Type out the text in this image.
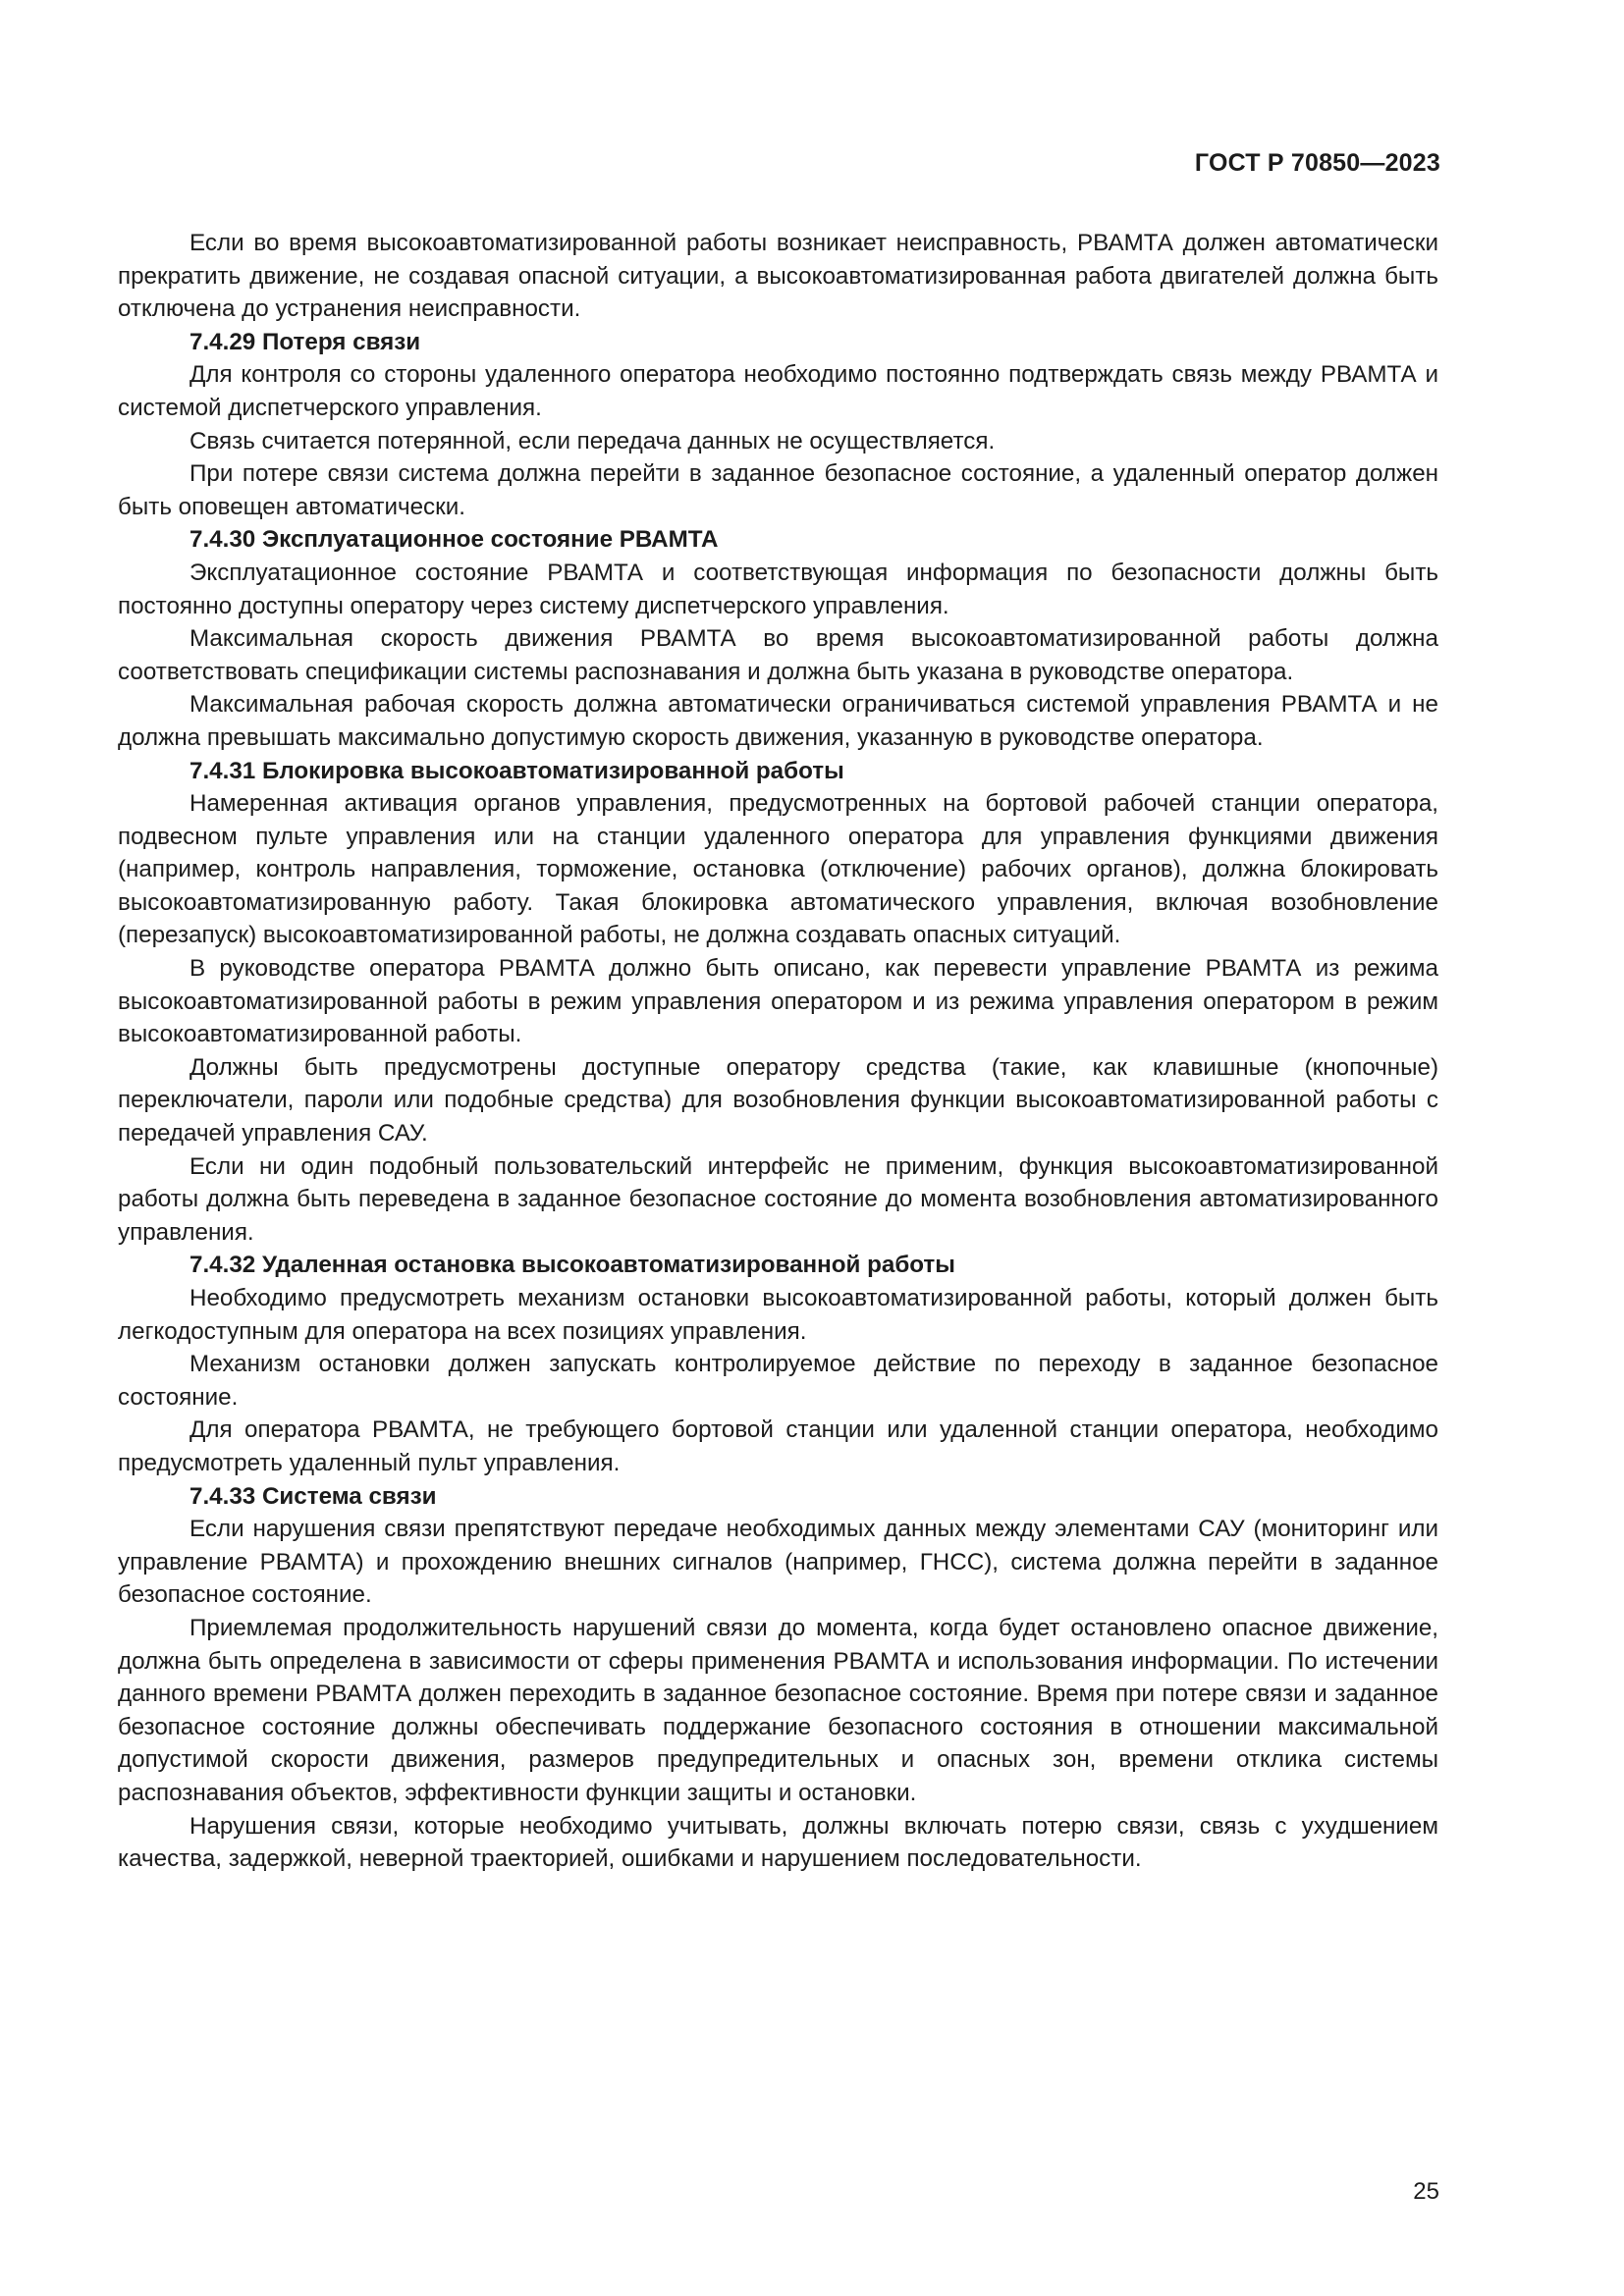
ГОСТ Р 70850—2023

Если во время высокоавтоматизированной работы возникает неисправность, РВАМТА должен автоматически прекратить движение, не создавая опасной ситуации, а высокоавтоматизированная работа двигателей должна быть отключена до устранения неисправности.

7.4.29 Потеря связи

Для контроля со стороны удаленного оператора необходимо постоянно подтверждать связь между РВАМТА и системой диспетчерского управления.

Связь считается потерянной, если передача данных не осуществляется.

При потере связи система должна перейти в заданное безопасное состояние, а удаленный оператор должен быть оповещен автоматически.

7.4.30 Эксплуатационное состояние РВАМТА

Эксплуатационное состояние РВАМТА и соответствующая информация по безопасности должны быть постоянно доступны оператору через систему диспетчерского управления.

Максимальная скорость движения РВАМТА во время высокоавтоматизированной работы должна соответствовать спецификации системы распознавания и должна быть указана в руководстве оператора.

Максимальная рабочая скорость должна автоматически ограничиваться системой управления РВАМТА и не должна превышать максимально допустимую скорость движения, указанную в руководстве оператора.

7.4.31 Блокировка высокоавтоматизированной работы

Намеренная активация органов управления, предусмотренных на бортовой рабочей станции оператора, подвесном пульте управления или на станции удаленного оператора для управления функциями движения (например, контроль направления, торможение, остановка (отключение) рабочих органов), должна блокировать высокоавтоматизированную работу. Такая блокировка автоматического управления, включая возобновление (перезапуск) высокоавтоматизированной работы, не должна создавать опасных ситуаций.

В руководстве оператора РВАМТА должно быть описано, как перевести управление РВАМТА из режима высокоавтоматизированной работы в режим управления оператором и из режима управления оператором в режим высокоавтоматизированной работы.

Должны быть предусмотрены доступные оператору средства (такие, как клавишные (кнопочные) переключатели, пароли или подобные средства) для возобновления функции высокоавтоматизированной работы с передачей управления САУ.

Если ни один подобный пользовательский интерфейс не применим, функция высокоавтоматизированной работы должна быть переведена в заданное безопасное состояние до момента возобновления автоматизированного управления.

7.4.32 Удаленная остановка высокоавтоматизированной работы

Необходимо предусмотреть механизм остановки высокоавтоматизированной работы, который должен быть легкодоступным для оператора на всех позициях управления.

Механизм остановки должен запускать контролируемое действие по переходу в заданное безопасное состояние.

Для оператора РВАМТА, не требующего бортовой станции или удаленной станции оператора, необходимо предусмотреть удаленный пульт управления.

7.4.33 Система связи

Если нарушения связи препятствуют передаче необходимых данных между элементами САУ (мониторинг или управление РВАМТА) и прохождению внешних сигналов (например, ГНСС), система должна перейти в заданное безопасное состояние.

Приемлемая продолжительность нарушений связи до момента, когда будет остановлено опасное движение, должна быть определена в зависимости от сферы применения РВАМТА и использования информации. По истечении данного времени РВАМТА должен переходить в заданное безопасное состояние. Время при потере связи и заданное безопасное состояние должны обеспечивать поддержание безопасного состояния в отношении максимальной допустимой скорости движения, размеров предупредительных и опасных зон, времени отклика системы распознавания объектов, эффективности функции защиты и остановки.

Нарушения связи, которые необходимо учитывать, должны включать потерю связи, связь с ухудшением качества, задержкой, неверной траекторией, ошибками и нарушением последовательности.

25
